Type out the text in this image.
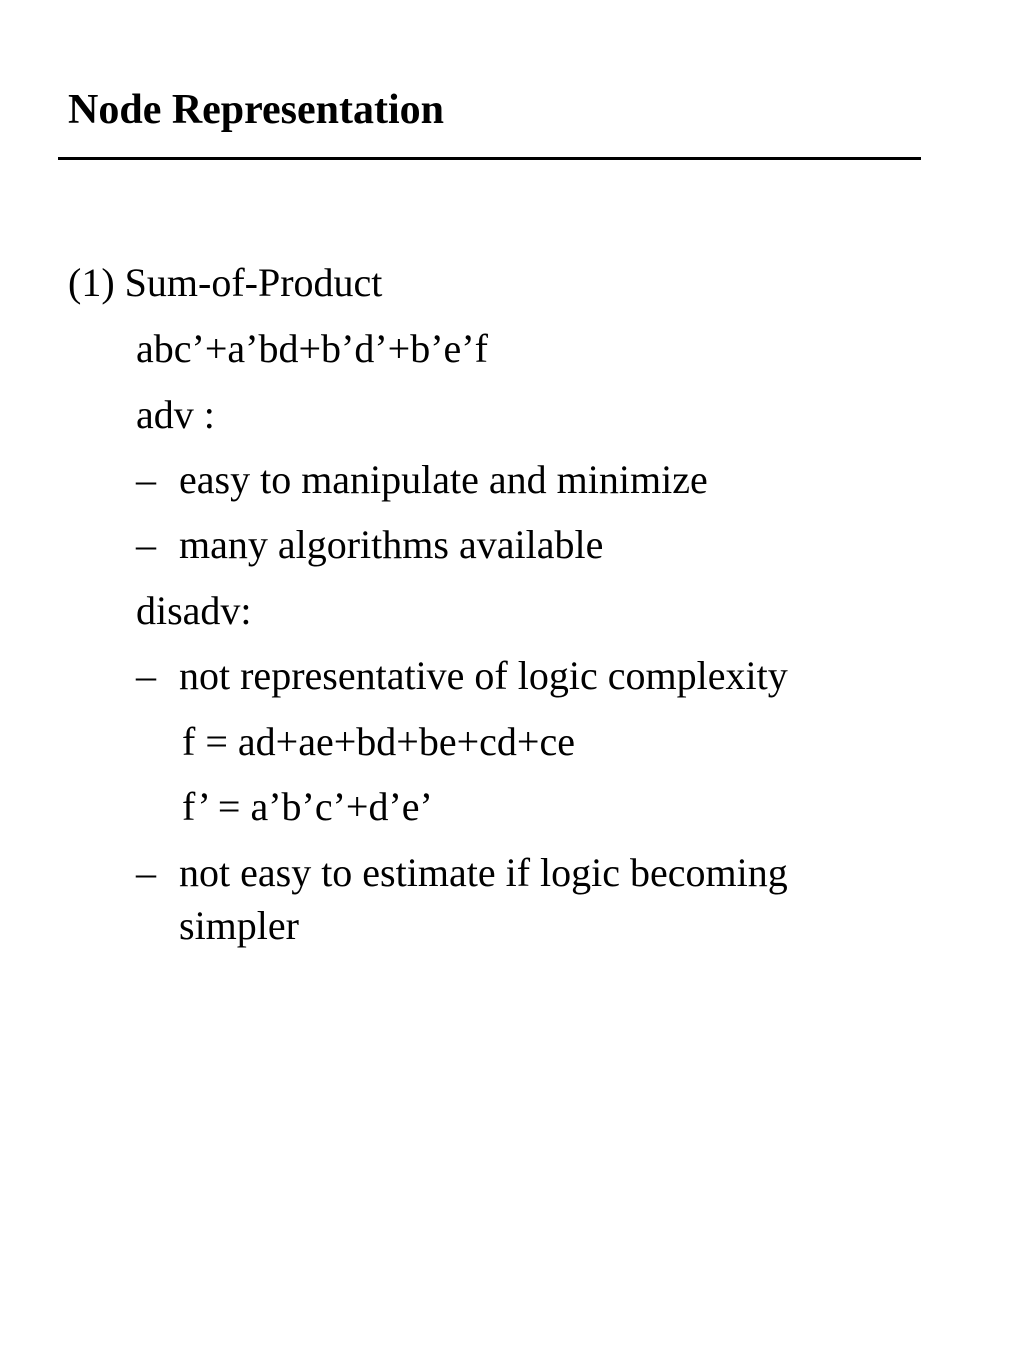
Node Representation
(1) Sum-of-Product
abc’+a’bd+b’d’+b’e’f
adv :
– easy to manipulate and minimize
– many algorithms available
disadv:
– not representative of logic complexity
f = ad+ae+bd+be+cd+ce
f’ = a’b’c’+d’e’
– not easy to estimate if logic becoming
simpler
